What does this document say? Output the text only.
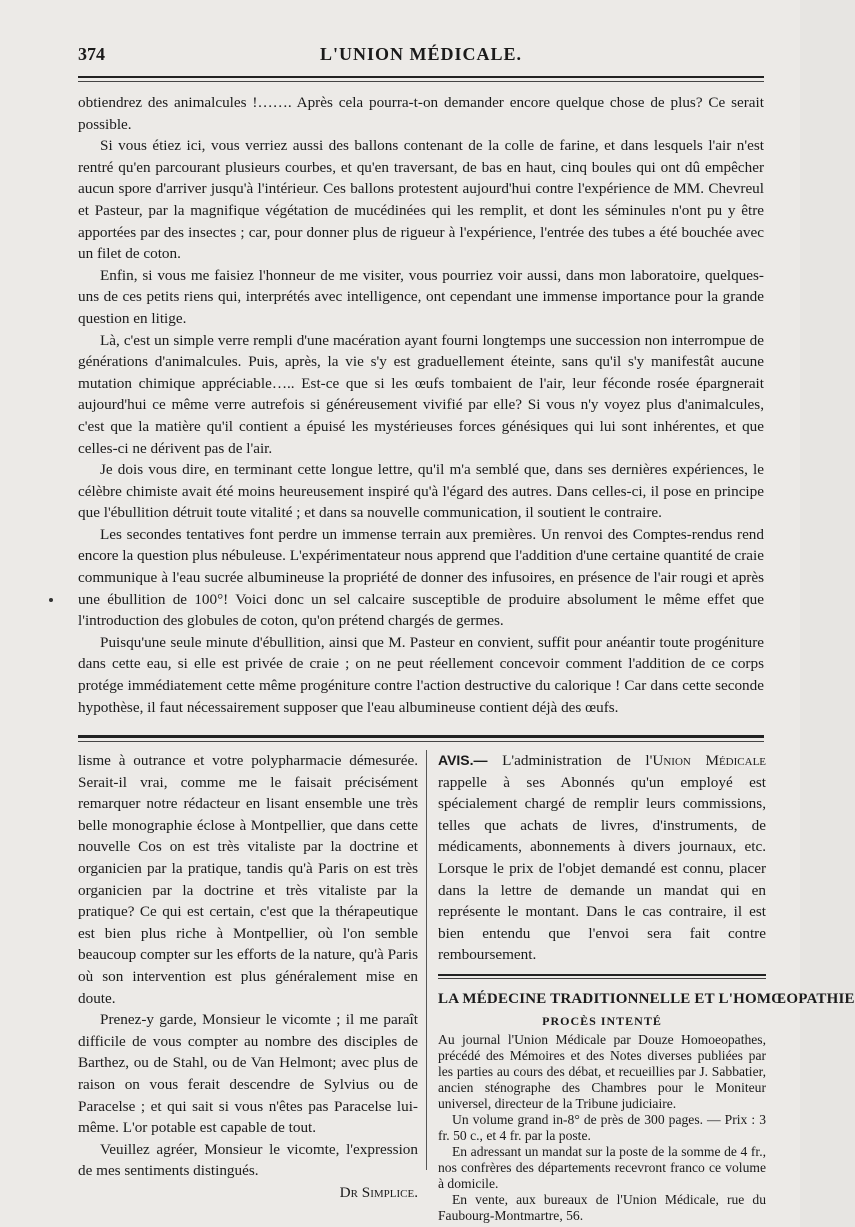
374	L'UNION MÉDICALE.

obtiendrez des animalcules !……. Après cela pourra-t-on demander encore quelque chose de plus? Ce serait possible.

Si vous étiez ici, vous verriez aussi des ballons contenant de la colle de farine, et dans lesquels l'air n'est rentré qu'en parcourant plusieurs courbes, et qu'en traversant, de bas en haut, cinq boules qui ont dû empêcher aucun spore d'arriver jusqu'à l'intérieur. Ces ballons protestent aujourd'hui contre l'expérience de MM. Chevreul et Pasteur, par la magnifique végétation de mucédinées qui les remplit, et dont les séminules n'ont pu y être apportées par des insectes ; car, pour donner plus de rigueur à l'expérience, l'entrée des tubes a été bouchée avec un filet de coton.

Enfin, si vous me faisiez l'honneur de me visiter, vous pourriez voir aussi, dans mon laboratoire, quelques-uns de ces petits riens qui, interprétés avec intelligence, ont cependant une immense importance pour la grande question en litige.

Là, c'est un simple verre rempli d'une macération ayant fourni longtemps une succession non interrompue de générations d'animalcules. Puis, après, la vie s'y est graduellement éteinte, sans qu'il s'y manifestât aucune mutation chimique appréciable….. Est-ce que si les œufs tombaient de l'air, leur féconde rosée épargnerait aujourd'hui ce même verre autrefois si généreusement vivifié par elle? Si vous n'y voyez plus d'animalcules, c'est que la matière qu'il contient a épuisé les mystérieuses forces génésiques qui lui sont inhérentes, et que celles-ci ne dérivent pas de l'air.

Je dois vous dire, en terminant cette longue lettre, qu'il m'a semblé que, dans ses dernières expériences, le célèbre chimiste avait été moins heureusement inspiré qu'à l'égard des autres. Dans celles-ci, il pose en principe que l'ébullition détruit toute vitalité ; et dans sa nouvelle communication, il soutient le contraire.

Les secondes tentatives font perdre un immense terrain aux premières. Un renvoi des Comptes-rendus rend encore la question plus nébuleuse. L'expérimentateur nous apprend que l'addition d'une certaine quantité de craie communique à l'eau sucrée albumineuse la propriété de donner des infusoires, en présence de l'air rougi et après une ébullition de 100°! Voici donc un sel calcaire susceptible de produire absolument le même effet que l'introduction des globules de coton, qu'on prétend chargés de germes.

Puisqu'une seule minute d'ébullition, ainsi que M. Pasteur en convient, suffit pour anéantir toute progéniture dans cette eau, si elle est privée de craie ; on ne peut réellement concevoir comment l'addition de ce corps protége immédiatement cette même progéniture contre l'action destructive du calorique ! Car dans cette seconde hypothèse, il faut nécessairement supposer que l'eau albumineuse contient déjà des œufs.

lisme à outrance et votre polypharmacie démesurée. Serait-il vrai, comme me le faisait précisément remarquer notre rédacteur en lisant ensemble une très belle monographie éclose à Montpellier, que dans cette nouvelle Cos on est très vitaliste par la doctrine et organicien par la pratique, tandis qu'à Paris on est très organicien par la doctrine et très vitaliste par la pratique? Ce qui est certain, c'est que la thérapeutique est bien plus riche à Montpellier, où l'on semble beaucoup compter sur les efforts de la nature, qu'à Paris où son intervention est plus généralement mise en doute.

Prenez-y garde, Monsieur le vicomte ; il me paraît difficile de vous compter au nombre des disciples de Barthez, ou de Stahl, ou de Van Helmont; avec plus de raison on vous ferait descendre de Sylvius ou de Paracelse ; et qui sait si vous n'êtes pas Paracelse lui-même. L'or potable est capable de tout.

Veuillez agréer, Monsieur le vicomte, l'expression de mes sentiments distingués.

Dr Simplice.

AVIS.— L'administration de l'Union Médicale rappelle à ses Abonnés qu'un employé est spécialement chargé de remplir leurs commissions, telles que achats de livres, d'instruments, de médicaments, abonnements à divers journaux, etc. Lorsque le prix de l'objet demandé est connu, placer dans la lettre de demande un mandat qui en représente le montant. Dans le cas contraire, il est bien entendu que l'envoi sera fait contre remboursement.

LA MÉDECINE TRADITIONNELLE ET L'HOMŒOPATHIE

PROCÈS INTENTÉ

Au journal l'Union Médicale par Douze Homoeopathes, précédé des Mémoires et des Notes diverses publiées par les parties au cours des débat, et recueillies par J. Sabbatier, ancien sténographe des Chambres pour le Moniteur universel, directeur de la Tribune judiciaire.

Un volume grand in-8° de près de 300 pages. — Prix : 3 fr. 50 c., et 4 fr. par la poste.

En adressant un mandat sur la poste de la somme de 4 fr., nos confrères des départements recevront franco ce volume à domicile.

En vente, aux bureaux de l'Union Médicale, rue du Faubourg-Montmartre, 56.
